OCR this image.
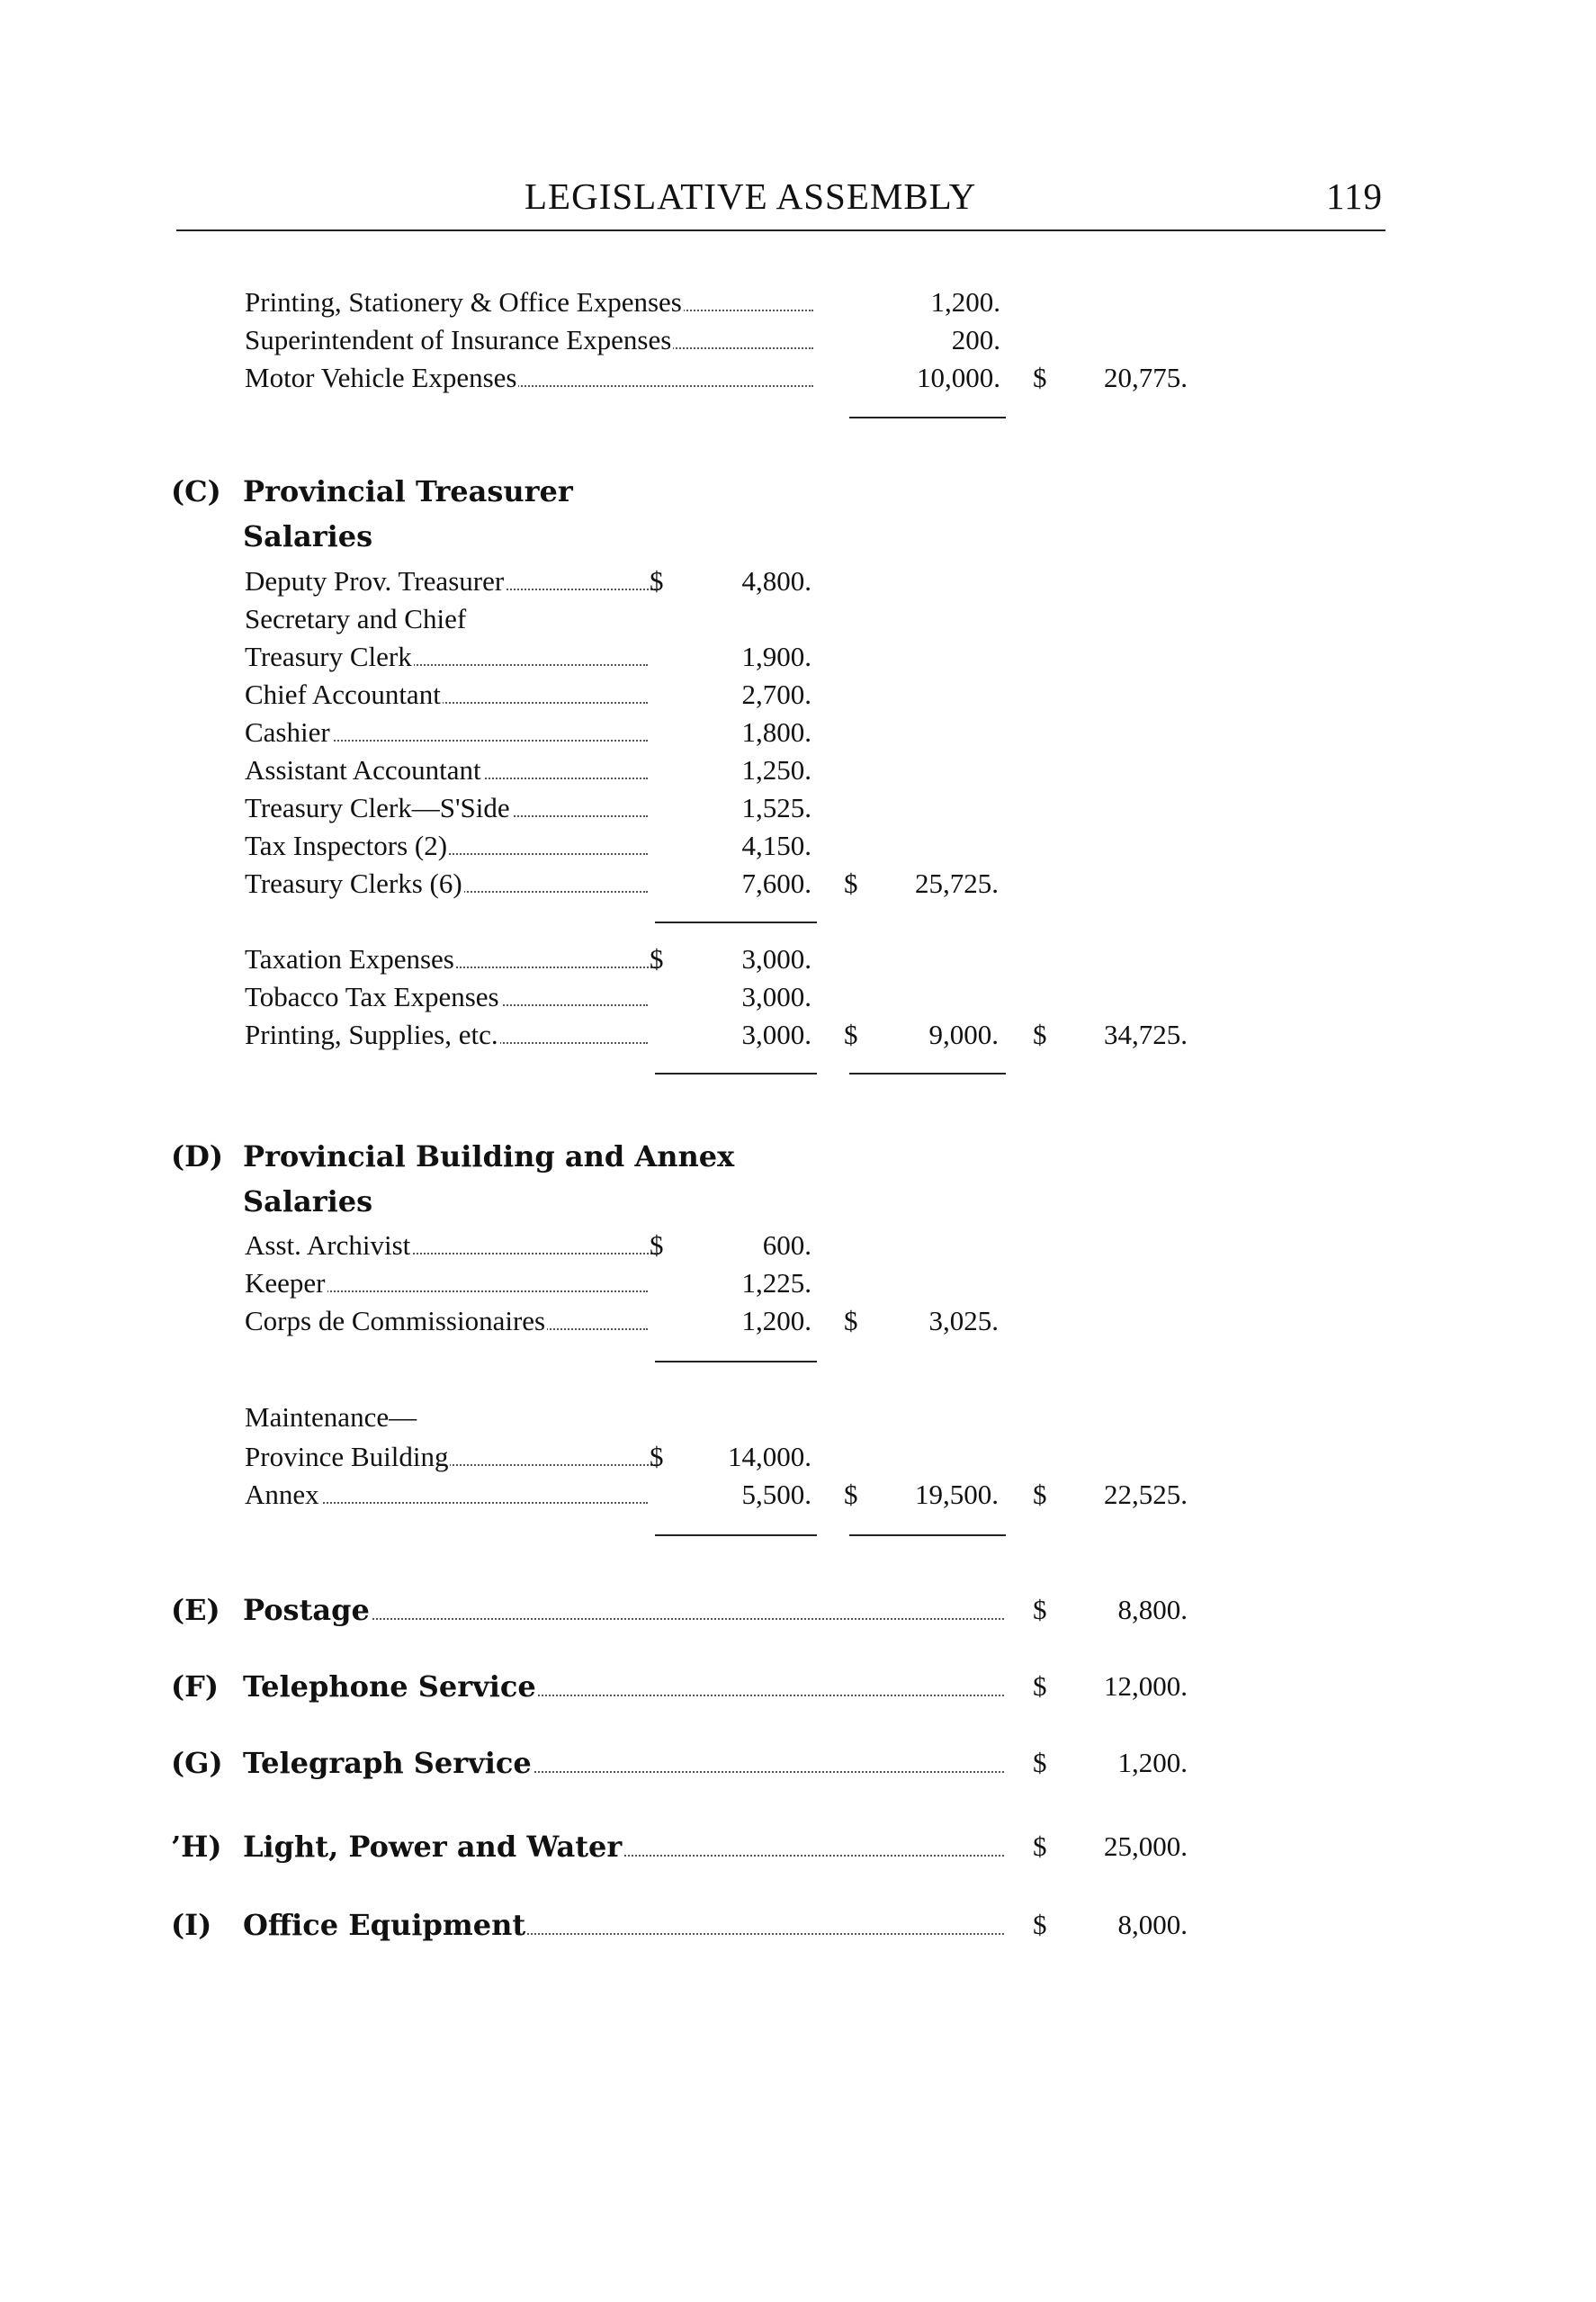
LEGISLATIVE ASSEMBLY	119
Printing, Stationery & Office Expenses	1,200.
Superintendent of Insurance Expenses	200.
Motor Vehicle Expenses	10,000. $	20,775.
(C) Provincial Treasurer
Salaries
Deputy Prov. Treasurer	$	4,800.
Secretary and Chief
Treasury Clerk	1,900.
Chief Accountant	2,700.
Cashier	1,800.
Assistant Accountant	1,250.
Treasury Clerk—S'Side	1,525.
Tax Inspectors (2)	4,150.
Treasury Clerks (6)	7,600. $	25,725.
Taxation Expenses	$	3,000.
Tobacco Tax Expenses	3,000.
Printing, Supplies, etc.	3,000. $	9,000. $	34,725.
(D) Provincial Building and Annex
Salaries
Asst. Archivist	$	600.
Keeper	1,225.
Corps de Commissionaires	1,200. $	3,025.
Maintenance—
Province Building	$	14,000.
Annex	5,500. $	19,500. $	22,525.
(E) Postage	$	8,800.
(F) Telephone Service	$	12,000.
(G) Telegraph Service	$	1,200.
’H) Light, Power and Water	$	25,000.
(I) Office Equipment	$	8,000.
